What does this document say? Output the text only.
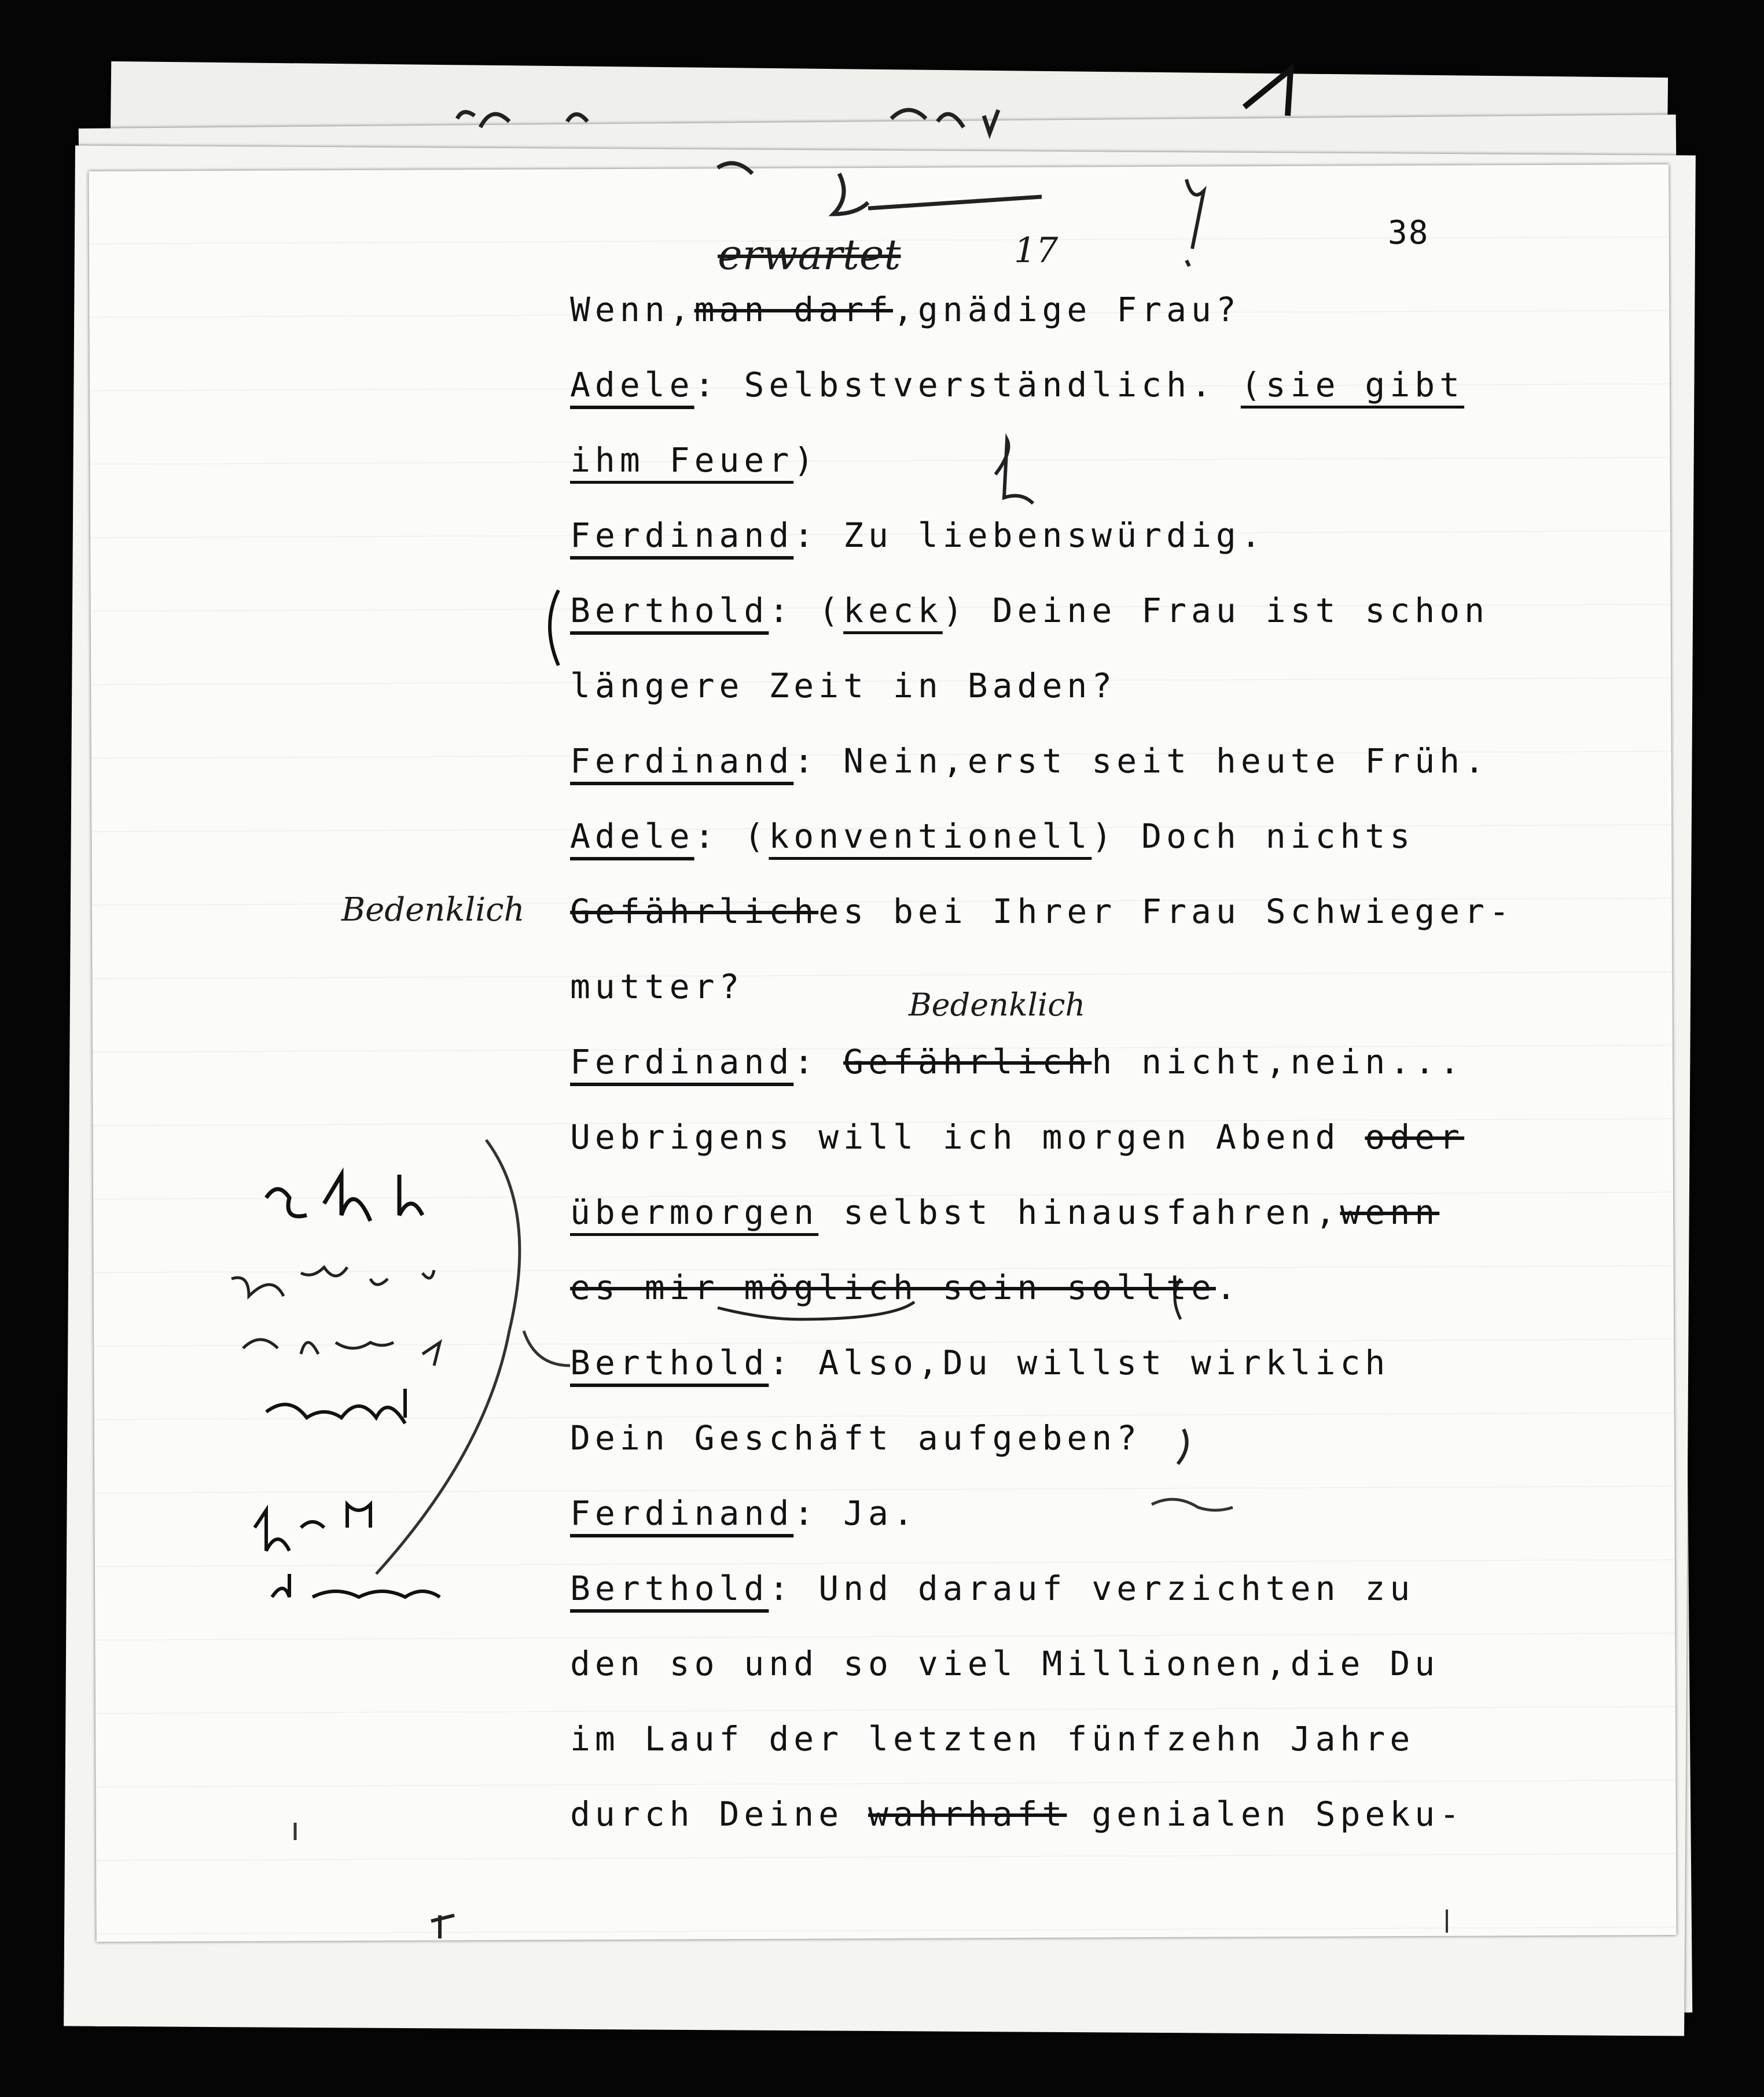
erwartet	17	38
Bedenklich
Bedenklich
Wenn,man darf,gnädige Frau?
Adele: Selbstverständlich. (sie gibt
ihm Feuer)
Ferdinand: Zu liebenswürdig.
Berthold: (keck) Deine Frau ist schon
längere Zeit in Baden?
Ferdinand: Nein,erst seit heute Früh.
Adele: (konventionell) Doch nichts
Gefährliches bei Ihrer Frau Schwieger-
mutter?
Ferdinand: Gefährlichh nicht,nein...
Uebrigens will ich morgen Abend oder
übermorgen selbst hinausfahren,wenn
es mir möglich sein sollte.
Berthold: Also,Du willst wirklich
Dein Geschäft aufgeben?
Ferdinand: Ja.
Berthold: Und darauf verzichten zu
den so und so viel Millionen,die Du
im Lauf der letzten fünfzehn Jahre
durch Deine wahrhaft genialen Speku-
